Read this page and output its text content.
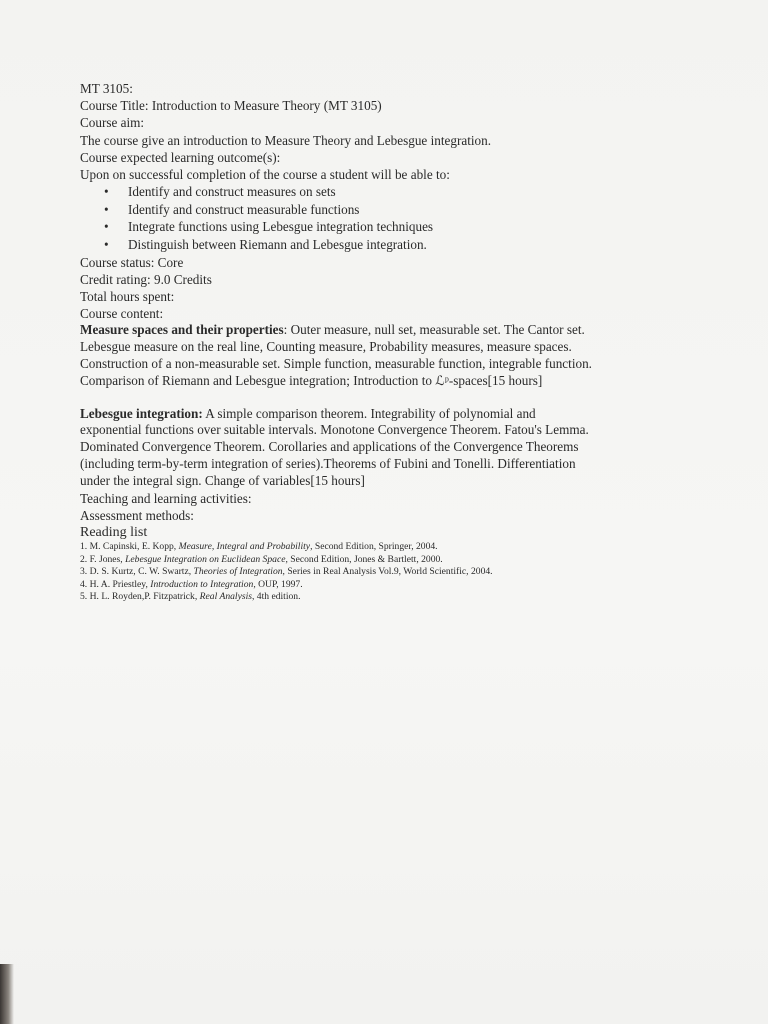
MT 3105:
Course Title: Introduction to Measure Theory (MT 3105)
Course aim:
The course give an introduction to Measure Theory and Lebesgue integration.
Course expected learning outcome(s):
Upon on successful completion of the course a student will be able to:
• Identify and construct measures on sets
• Identify and construct measurable functions
• Integrate functions using Lebesgue integration techniques
• Distinguish between Riemann and Lebesgue integration.
Course status: Core
Credit rating: 9.0 Credits
Total hours spent:
Course content:
Measure spaces and their properties: Outer measure, null set, measurable set. The Cantor set.
Lebesgue measure on the real line, Counting measure, Probability measures, measure spaces.
Construction of a non-measurable set. Simple function, measurable function, integrable function.
Comparison of Riemann and Lebesgue integration; Introduction to ℒᵖ-spaces[15 hours]
Lebesgue integration: A simple comparison theorem. Integrability of polynomial and
exponential functions over suitable intervals. Monotone Convergence Theorem. Fatou's Lemma.
Dominated Convergence Theorem. Corollaries and applications of the Convergence Theorems
(including term-by-term integration of series).Theorems of Fubini and Tonelli. Differentiation
under the integral sign. Change of variables[15 hours]
Teaching and learning activities:
Assessment methods:
Reading list
1. M. Capinski, E. Kopp, Measure, Integral and Probability, Second Edition, Springer, 2004.
2. F. Jones, Lebesgue Integration on Euclidean Space, Second Edition, Jones & Bartlett, 2000.
3. D. S. Kurtz, C. W. Swartz, Theories of Integration, Series in Real Analysis Vol.9, World Scientific, 2004.
4. H. A. Priestley, Introduction to Integration, OUP, 1997.
5. H. L. Royden,P. Fitzpatrick, Real Analysis, 4th edition.
